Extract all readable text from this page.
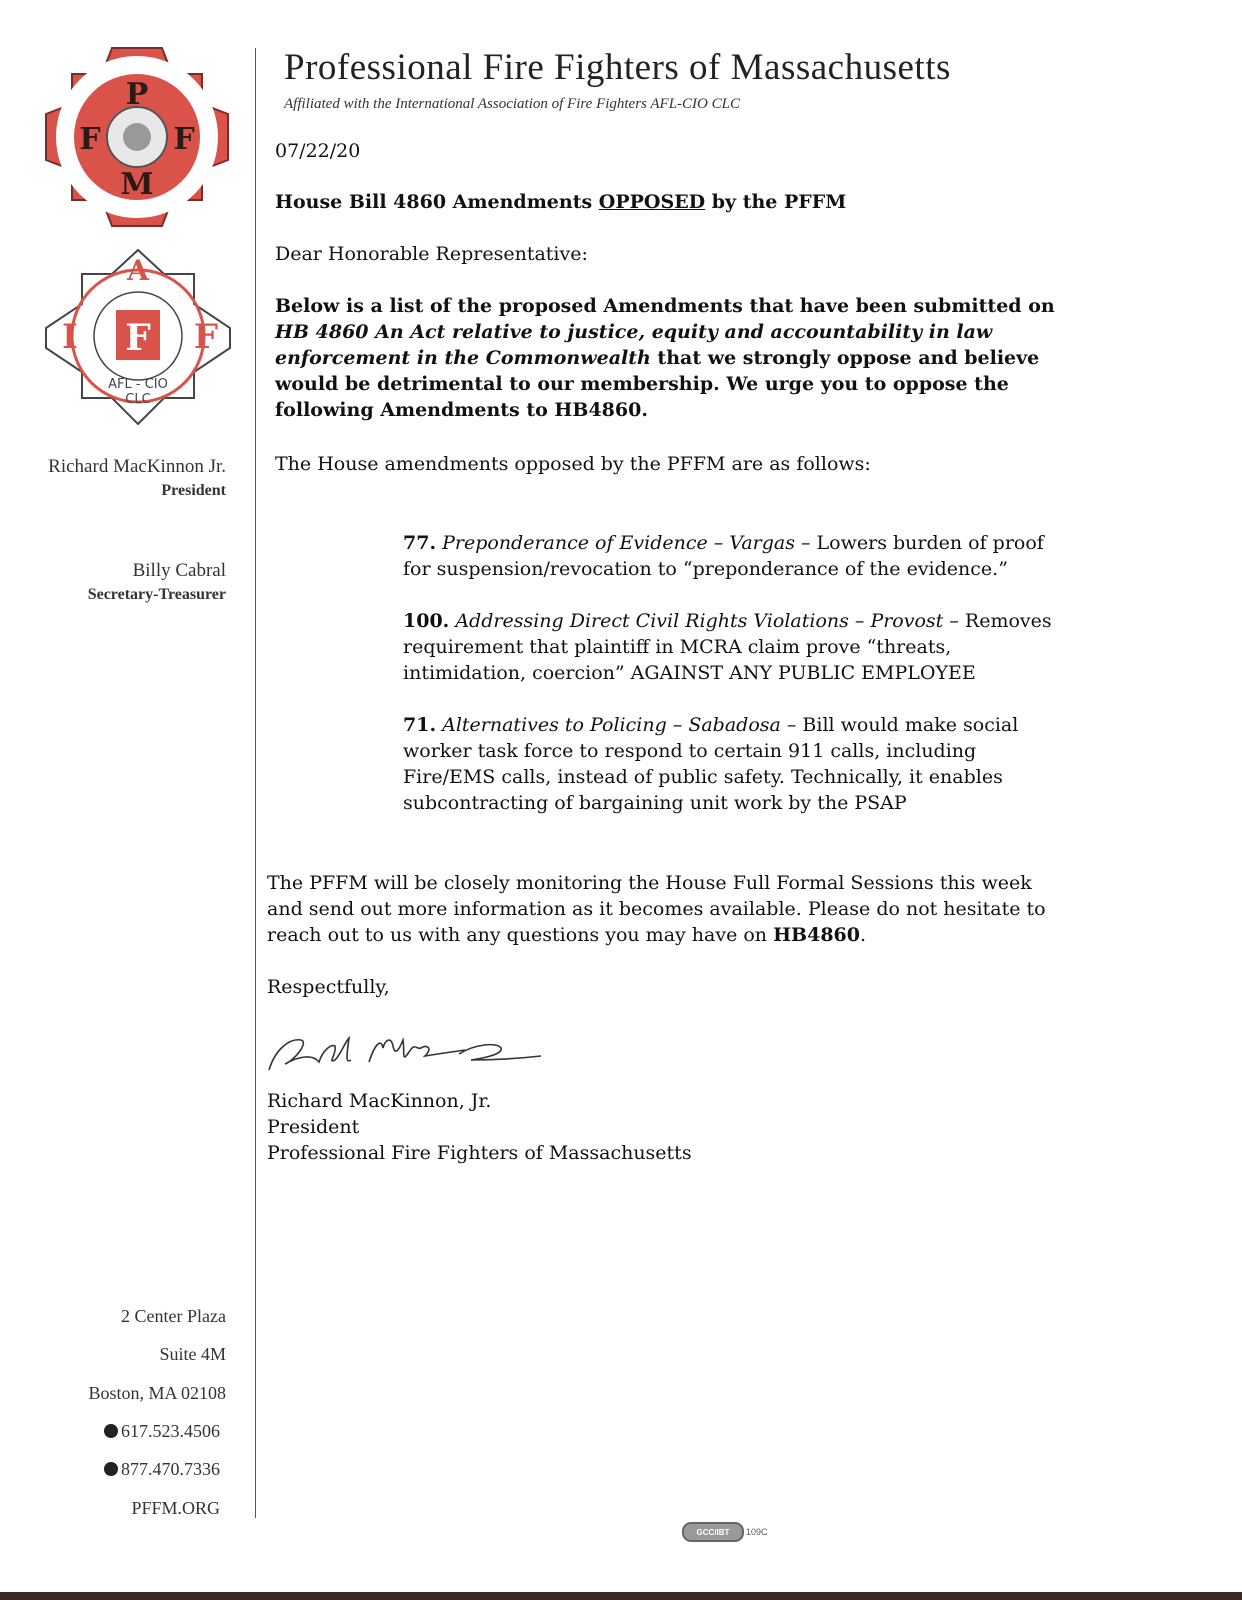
P
F F
M
A
I F F
AFL - CIO
CLC
Richard MacKinnon Jr.
President
Billy Cabral
Secretary-Treasurer
2 Center Plaza
Suite 4M
Boston, MA 02108
617.523.4506
877.470.7336
PFFM.ORG
Professional Fire Fighters of Massachusetts
Affiliated with the International Association of Fire Fighters AFL-CIO CLC
07/22/20
House Bill 4860 Amendments OPPOSED by the PFFM
Dear Honorable Representative:
Below is a list of the proposed Amendments that have been submitted on HB 4860 An Act relative to justice, equity and accountability in law enforcement in the Commonwealth that we strongly oppose and believe would be detrimental to our membership. We urge you to oppose the following Amendments to HB4860.
The House amendments opposed by the PFFM are as follows:
77. Preponderance of Evidence – Vargas – Lowers burden of proof for suspension/revocation to “preponderance of the evidence.”
100. Addressing Direct Civil Rights Violations – Provost – Removes requirement that plaintiff in MCRA claim prove “threats, intimidation, coercion” AGAINST ANY PUBLIC EMPLOYEE
71. Alternatives to Policing – Sabadosa – Bill would make social worker task force to respond to certain 911 calls, including Fire/EMS calls, instead of public safety. Technically, it enables subcontracting of bargaining unit work by the PSAP
The PFFM will be closely monitoring the House Full Formal Sessions this week and send out more information as it becomes available. Please do not hesitate to reach out to us with any questions you may have on HB4860.
Respectfully,
Richard MacKinnon, Jr.
President
Professional Fire Fighters of Massachusetts
GCC/IBT	109C
